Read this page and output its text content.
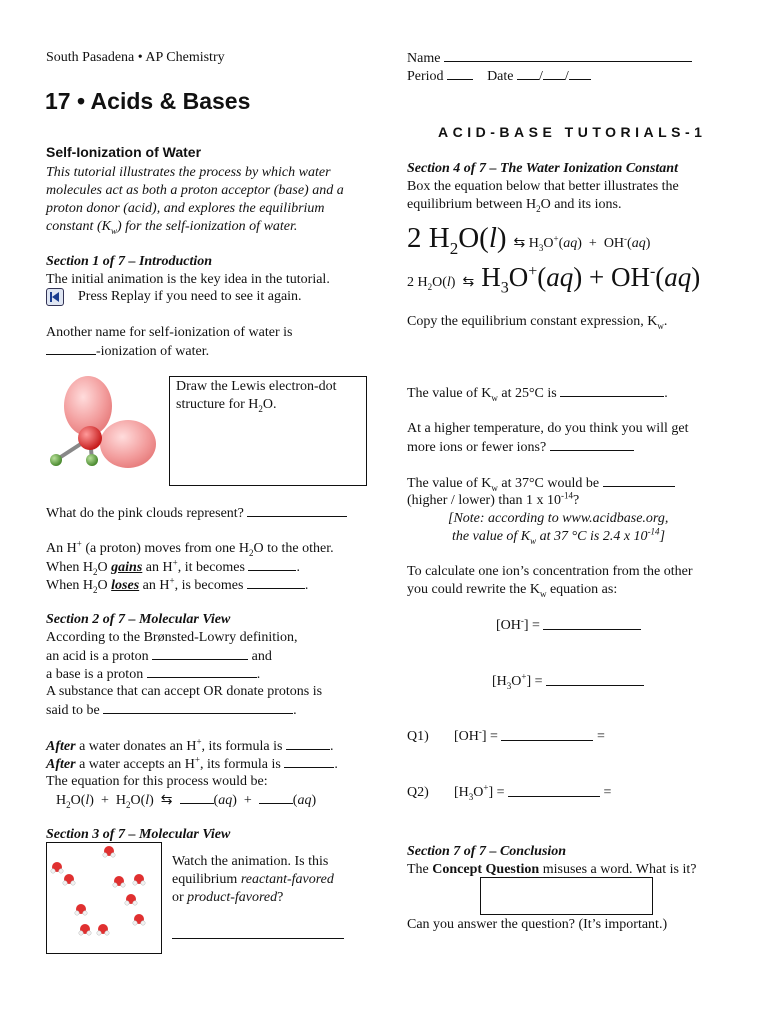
South Pasadena • AP Chemistry	Name
Period	Date / /
17 • Acids & Bases
ACID-BASE TUTORIALS-1
Self-Ionization of Water
This tutorial illustrates the process by which water molecules act as both a proton acceptor (base) and a proton donor (acid), and explores the equilibrium constant $(K_w)$ for the self-ionization of water.
Section 1 of 7 – Introduction
The initial animation is the key idea in the tutorial.
Press Replay if you need to see it again.
Another name for self-ionization of water is
-ionization of water.
Draw the Lewis electron-dot
structure for $H_2O$.
What do the pink clouds represent?
An H+ (a proton) moves from one $H_2O$ to the other.
When $H_2O$ gains an H+, it becomes	.
When $H_2O$ loses an H+, is becomes	.
Section 2 of 7 – Molecular View
According to the Brønsted-Lowry definition,
an acid is a proton	and
a base is a proton	.
A substance that can accept OR donate protons is
said to be	.
After a water donates an H+, its formula is	.
After a water accepts an H+, its formula is	.
The equation for this process would be:
$H_2O(l) + H_2O(l)$  ⇆  (aq)  +  (aq)
Section 3 of 7 – Molecular View
Watch the animation. Is this
equilibrium reactant-favored
or product-favored?
Section 4 of 7 – The Water Ionization Constant
Box the equation below that better illustrates the
equilibrium between $H_2O$ and its ions.
2 $H_2O(l)$  ⇆ $H_3O^+(aq) + OH^-(aq)$
2 $H_2O(l)$  ⇆  $H_3O^+(aq) + OH^-(aq)$
Copy the equilibrium constant expression, $K_w$.
The value of $K_w$ at 25°C is	.
At a higher temperature, do you think you will get
more ions or fewer ions?
The value of $K_w$ at 37°C would be
(higher / lower) than 1 x $10^{-14}$?
[Note: according to www.acidbase.org,
the value of $K_w$ at 37 °C is 2.4 x $10^{-14}$]
To calculate one ion’s concentration from the other
you could rewrite the $K_w$ equation as:
[OH-] =
$[H_3O^+]$ =
Q1) [OH-] =	=
Q2) $[H_3O^+]$ =	=
Section 7 of 7 – Conclusion
The Concept Question misuses a word. What is it?
Can you answer the question? (It’s important.)
